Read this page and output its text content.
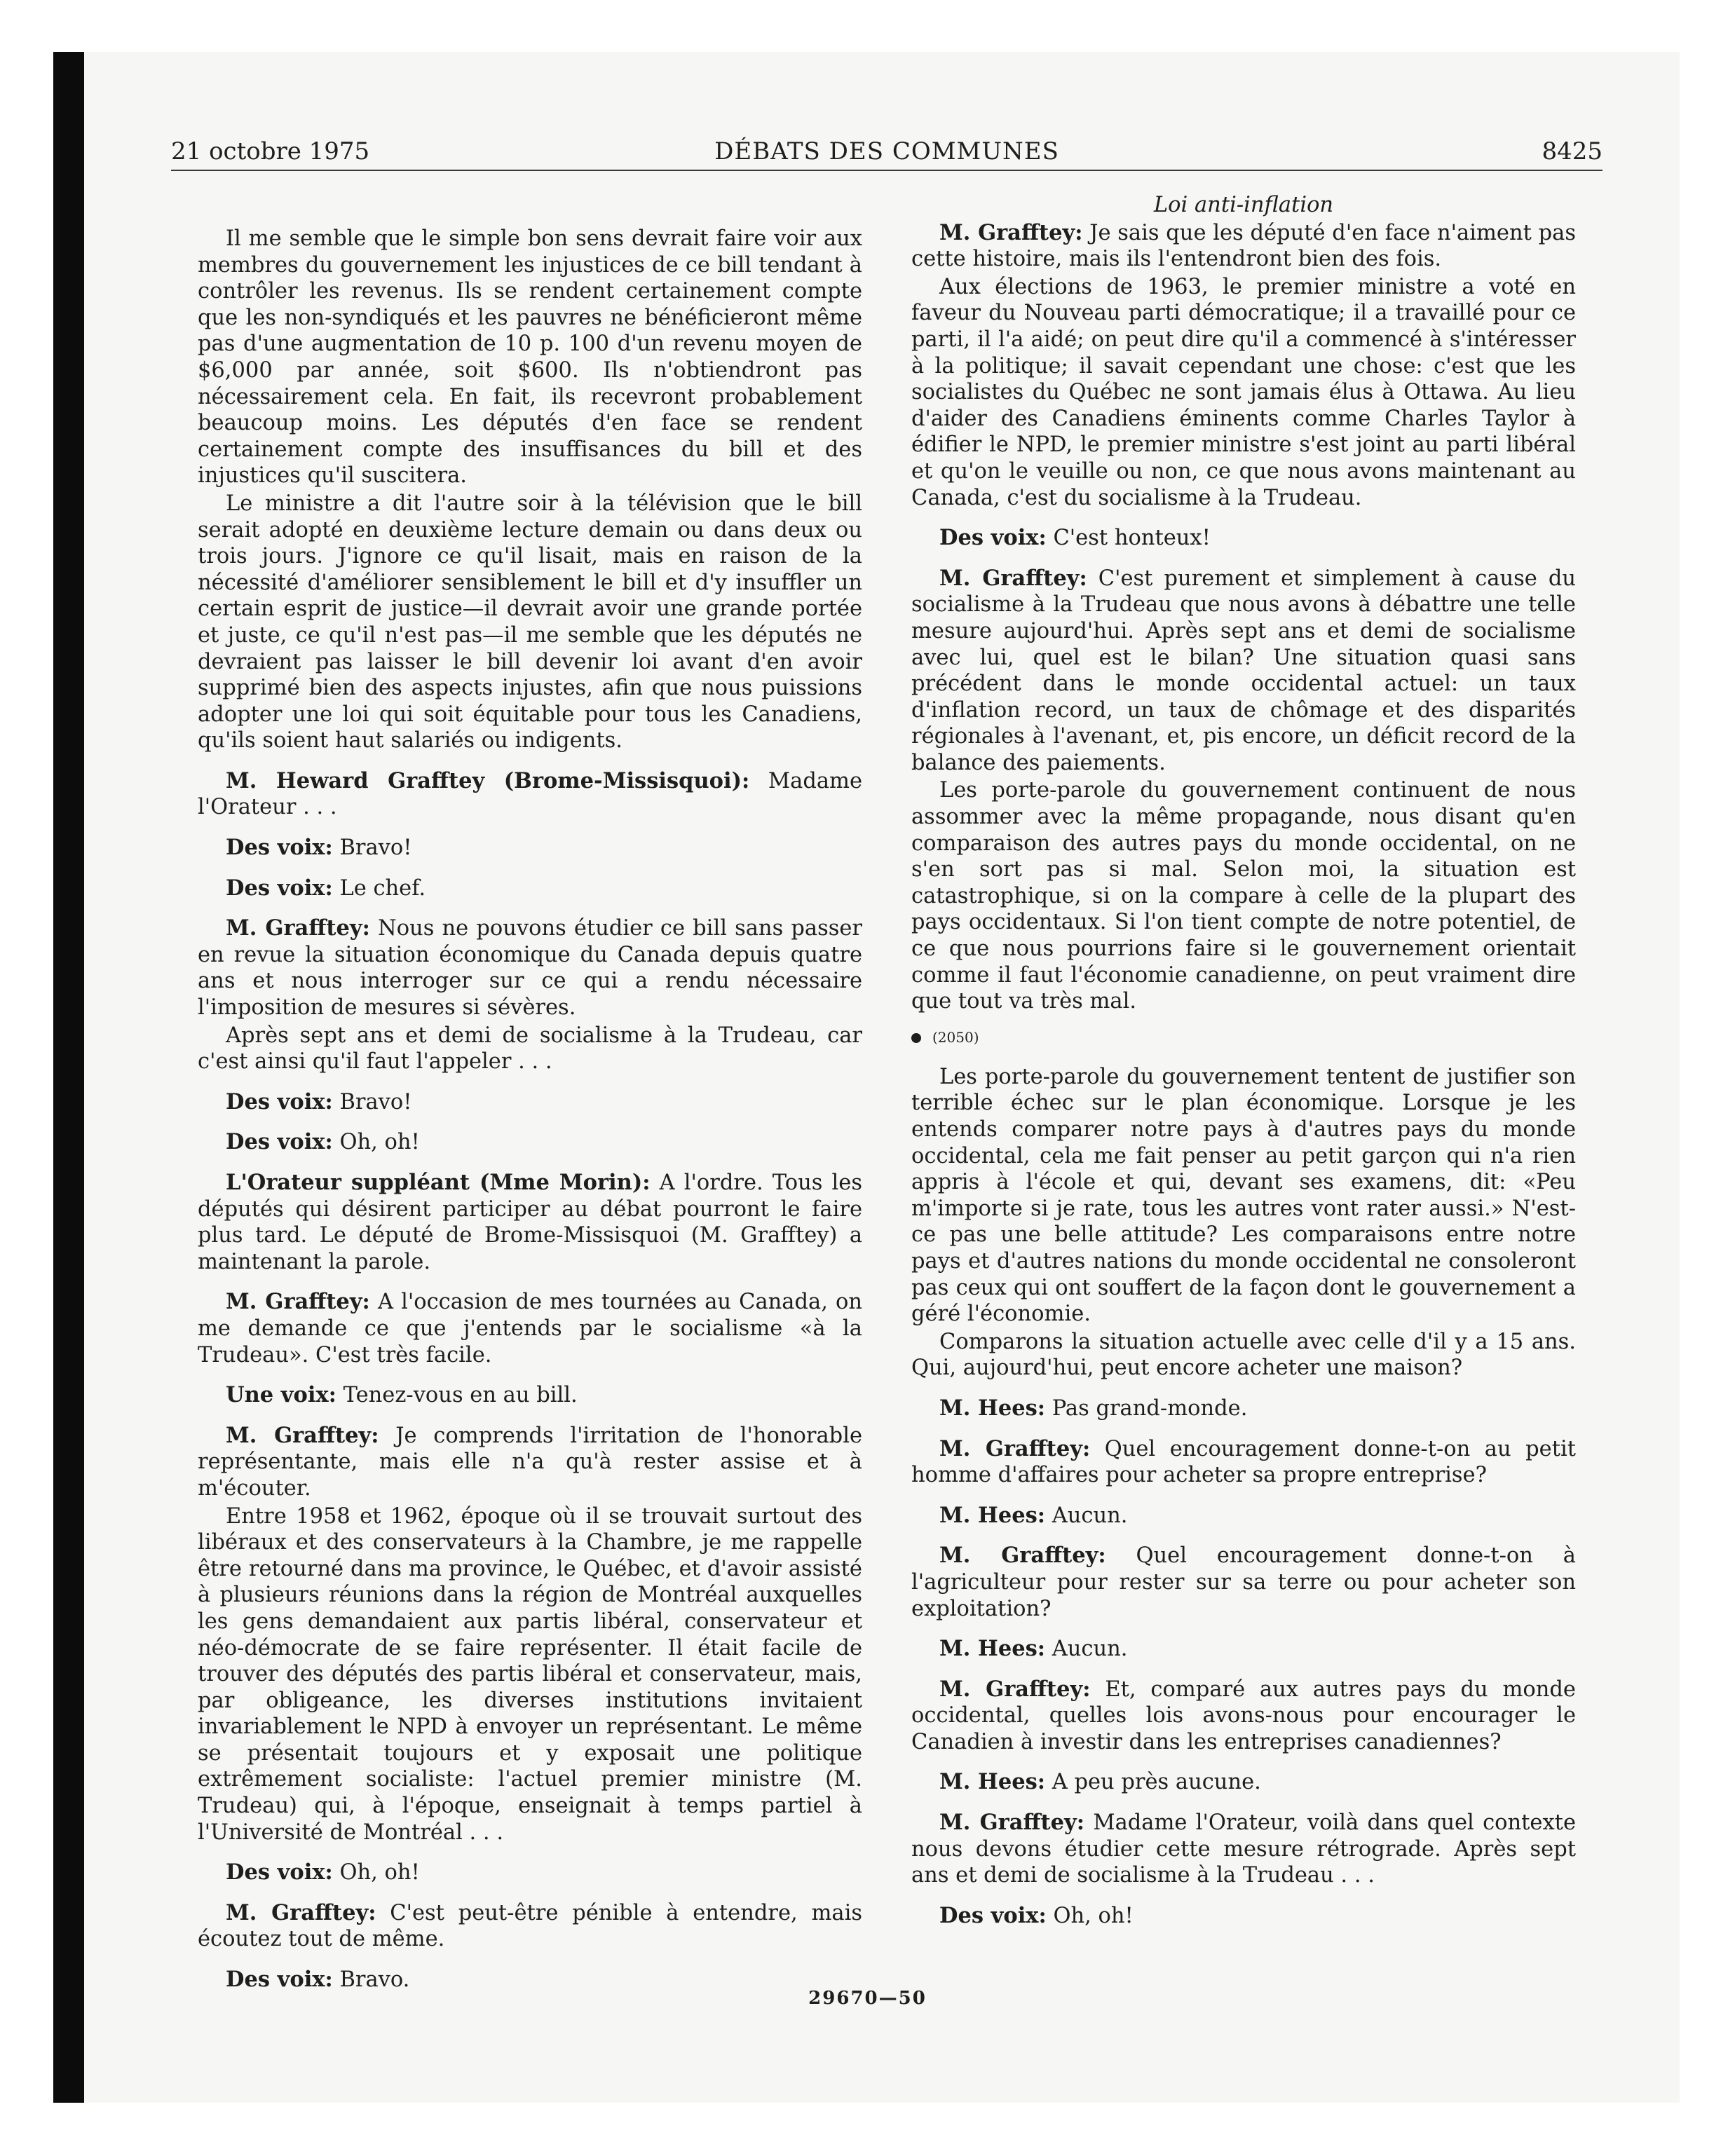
21 octobre 1975	DÉBATS DES COMMUNES	8425

Il me semble que le simple bon sens devrait faire voir aux membres du gouvernement les injustices de ce bill tendant à contrôler les revenus. Ils se rendent certainement compte que les non-syndiqués et les pauvres ne bénéficieront même pas d'une augmentation de 10 p. 100 d'un revenu moyen de $6,000 par année, soit $600. Ils n'obtiendront pas nécessairement cela. En fait, ils recevront probablement beaucoup moins. Les députés d'en face se rendent certainement compte des insuffisances du bill et des injustices qu'il suscitera.

Le ministre a dit l'autre soir à la télévision que le bill serait adopté en deuxième lecture demain ou dans deux ou trois jours. J'ignore ce qu'il lisait, mais en raison de la nécessité d'améliorer sensiblement le bill et d'y insuffler un certain esprit de justice—il devrait avoir une grande portée et juste, ce qu'il n'est pas—il me semble que les députés ne devraient pas laisser le bill devenir loi avant d'en avoir supprimé bien des aspects injustes, afin que nous puissions adopter une loi qui soit équitable pour tous les Canadiens, qu'ils soient haut salariés ou indigents.

M. Heward Grafftey (Brome-Missisquoi): Madame l'Orateur . . .

Des voix: Bravo!

Des voix: Le chef.

M. Grafftey: Nous ne pouvons étudier ce bill sans passer en revue la situation économique du Canada depuis quatre ans et nous interroger sur ce qui a rendu nécessaire l'imposition de mesures si sévères.

Après sept ans et demi de socialisme à la Trudeau, car c'est ainsi qu'il faut l'appeler . . .

Des voix: Bravo!

Des voix: Oh, oh!

L'Orateur suppléant (Mme Morin): A l'ordre. Tous les députés qui désirent participer au débat pourront le faire plus tard. Le député de Brome-Missisquoi (M. Grafftey) a maintenant la parole.

M. Grafftey: A l'occasion de mes tournées au Canada, on me demande ce que j'entends par le socialisme «à la Trudeau». C'est très facile.

Une voix: Tenez-vous en au bill.

M. Grafftey: Je comprends l'irritation de l'honorable représentante, mais elle n'a qu'à rester assise et à m'écouter.

Entre 1958 et 1962, époque où il se trouvait surtout des libéraux et des conservateurs à la Chambre, je me rappelle être retourné dans ma province, le Québec, et d'avoir assisté à plusieurs réunions dans la région de Montréal auxquelles les gens demandaient aux partis libéral, conservateur et néo-démocrate de se faire représenter. Il était facile de trouver des députés des partis libéral et conservateur, mais, par obligeance, les diverses institutions invitaient invariablement le NPD à envoyer un représentant. Le même se présentait toujours et y exposait une politique extrêmement socialiste: l'actuel premier ministre (M. Trudeau) qui, à l'époque, enseignait à temps partiel à l'Université de Montréal . . .

Des voix: Oh, oh!

M. Grafftey: C'est peut-être pénible à entendre, mais écoutez tout de même.

Des voix: Bravo.

Loi anti-inflation

M. Grafftey: Je sais que les député d'en face n'aiment pas cette histoire, mais ils l'entendront bien des fois.

Aux élections de 1963, le premier ministre a voté en faveur du Nouveau parti démocratique; il a travaillé pour ce parti, il l'a aidé; on peut dire qu'il a commencé à s'intéresser à la politique; il savait cependant une chose: c'est que les socialistes du Québec ne sont jamais élus à Ottawa. Au lieu d'aider des Canadiens éminents comme Charles Taylor à édifier le NPD, le premier ministre s'est joint au parti libéral et qu'on le veuille ou non, ce que nous avons maintenant au Canada, c'est du socialisme à la Trudeau.

Des voix: C'est honteux!

M. Grafftey: C'est purement et simplement à cause du socialisme à la Trudeau que nous avons à débattre une telle mesure aujourd'hui. Après sept ans et demi de socialisme avec lui, quel est le bilan? Une situation quasi sans précédent dans le monde occidental actuel: un taux d'inflation record, un taux de chômage et des disparités régionales à l'avenant, et, pis encore, un déficit record de la balance des paiements.

Les porte-parole du gouvernement continuent de nous assommer avec la même propagande, nous disant qu'en comparaison des autres pays du monde occidental, on ne s'en sort pas si mal. Selon moi, la situation est catastrophique, si on la compare à celle de la plupart des pays occidentaux. Si l'on tient compte de notre potentiel, de ce que nous pourrions faire si le gouvernement orientait comme il faut l'économie canadienne, on peut vraiment dire que tout va très mal.

(2050)

Les porte-parole du gouvernement tentent de justifier son terrible échec sur le plan économique. Lorsque je les entends comparer notre pays à d'autres pays du monde occidental, cela me fait penser au petit garçon qui n'a rien appris à l'école et qui, devant ses examens, dit: «Peu m'importe si je rate, tous les autres vont rater aussi.» N'est-ce pas une belle attitude? Les comparaisons entre notre pays et d'autres nations du monde occidental ne consoleront pas ceux qui ont souffert de la façon dont le gouvernement a géré l'économie.

Comparons la situation actuelle avec celle d'il y a 15 ans. Qui, aujourd'hui, peut encore acheter une maison?

M. Hees: Pas grand-monde.

M. Grafftey: Quel encouragement donne-t-on au petit homme d'affaires pour acheter sa propre entreprise?

M. Hees: Aucun.

M. Grafftey: Quel encouragement donne-t-on à l'agriculteur pour rester sur sa terre ou pour acheter son exploitation?

M. Hees: Aucun.

M. Grafftey: Et, comparé aux autres pays du monde occidental, quelles lois avons-nous pour encourager le Canadien à investir dans les entreprises canadiennes?

M. Hees: A peu près aucune.

M. Grafftey: Madame l'Orateur, voilà dans quel contexte nous devons étudier cette mesure rétrograde. Après sept ans et demi de socialisme à la Trudeau . . .

Des voix: Oh, oh!

29670—50
